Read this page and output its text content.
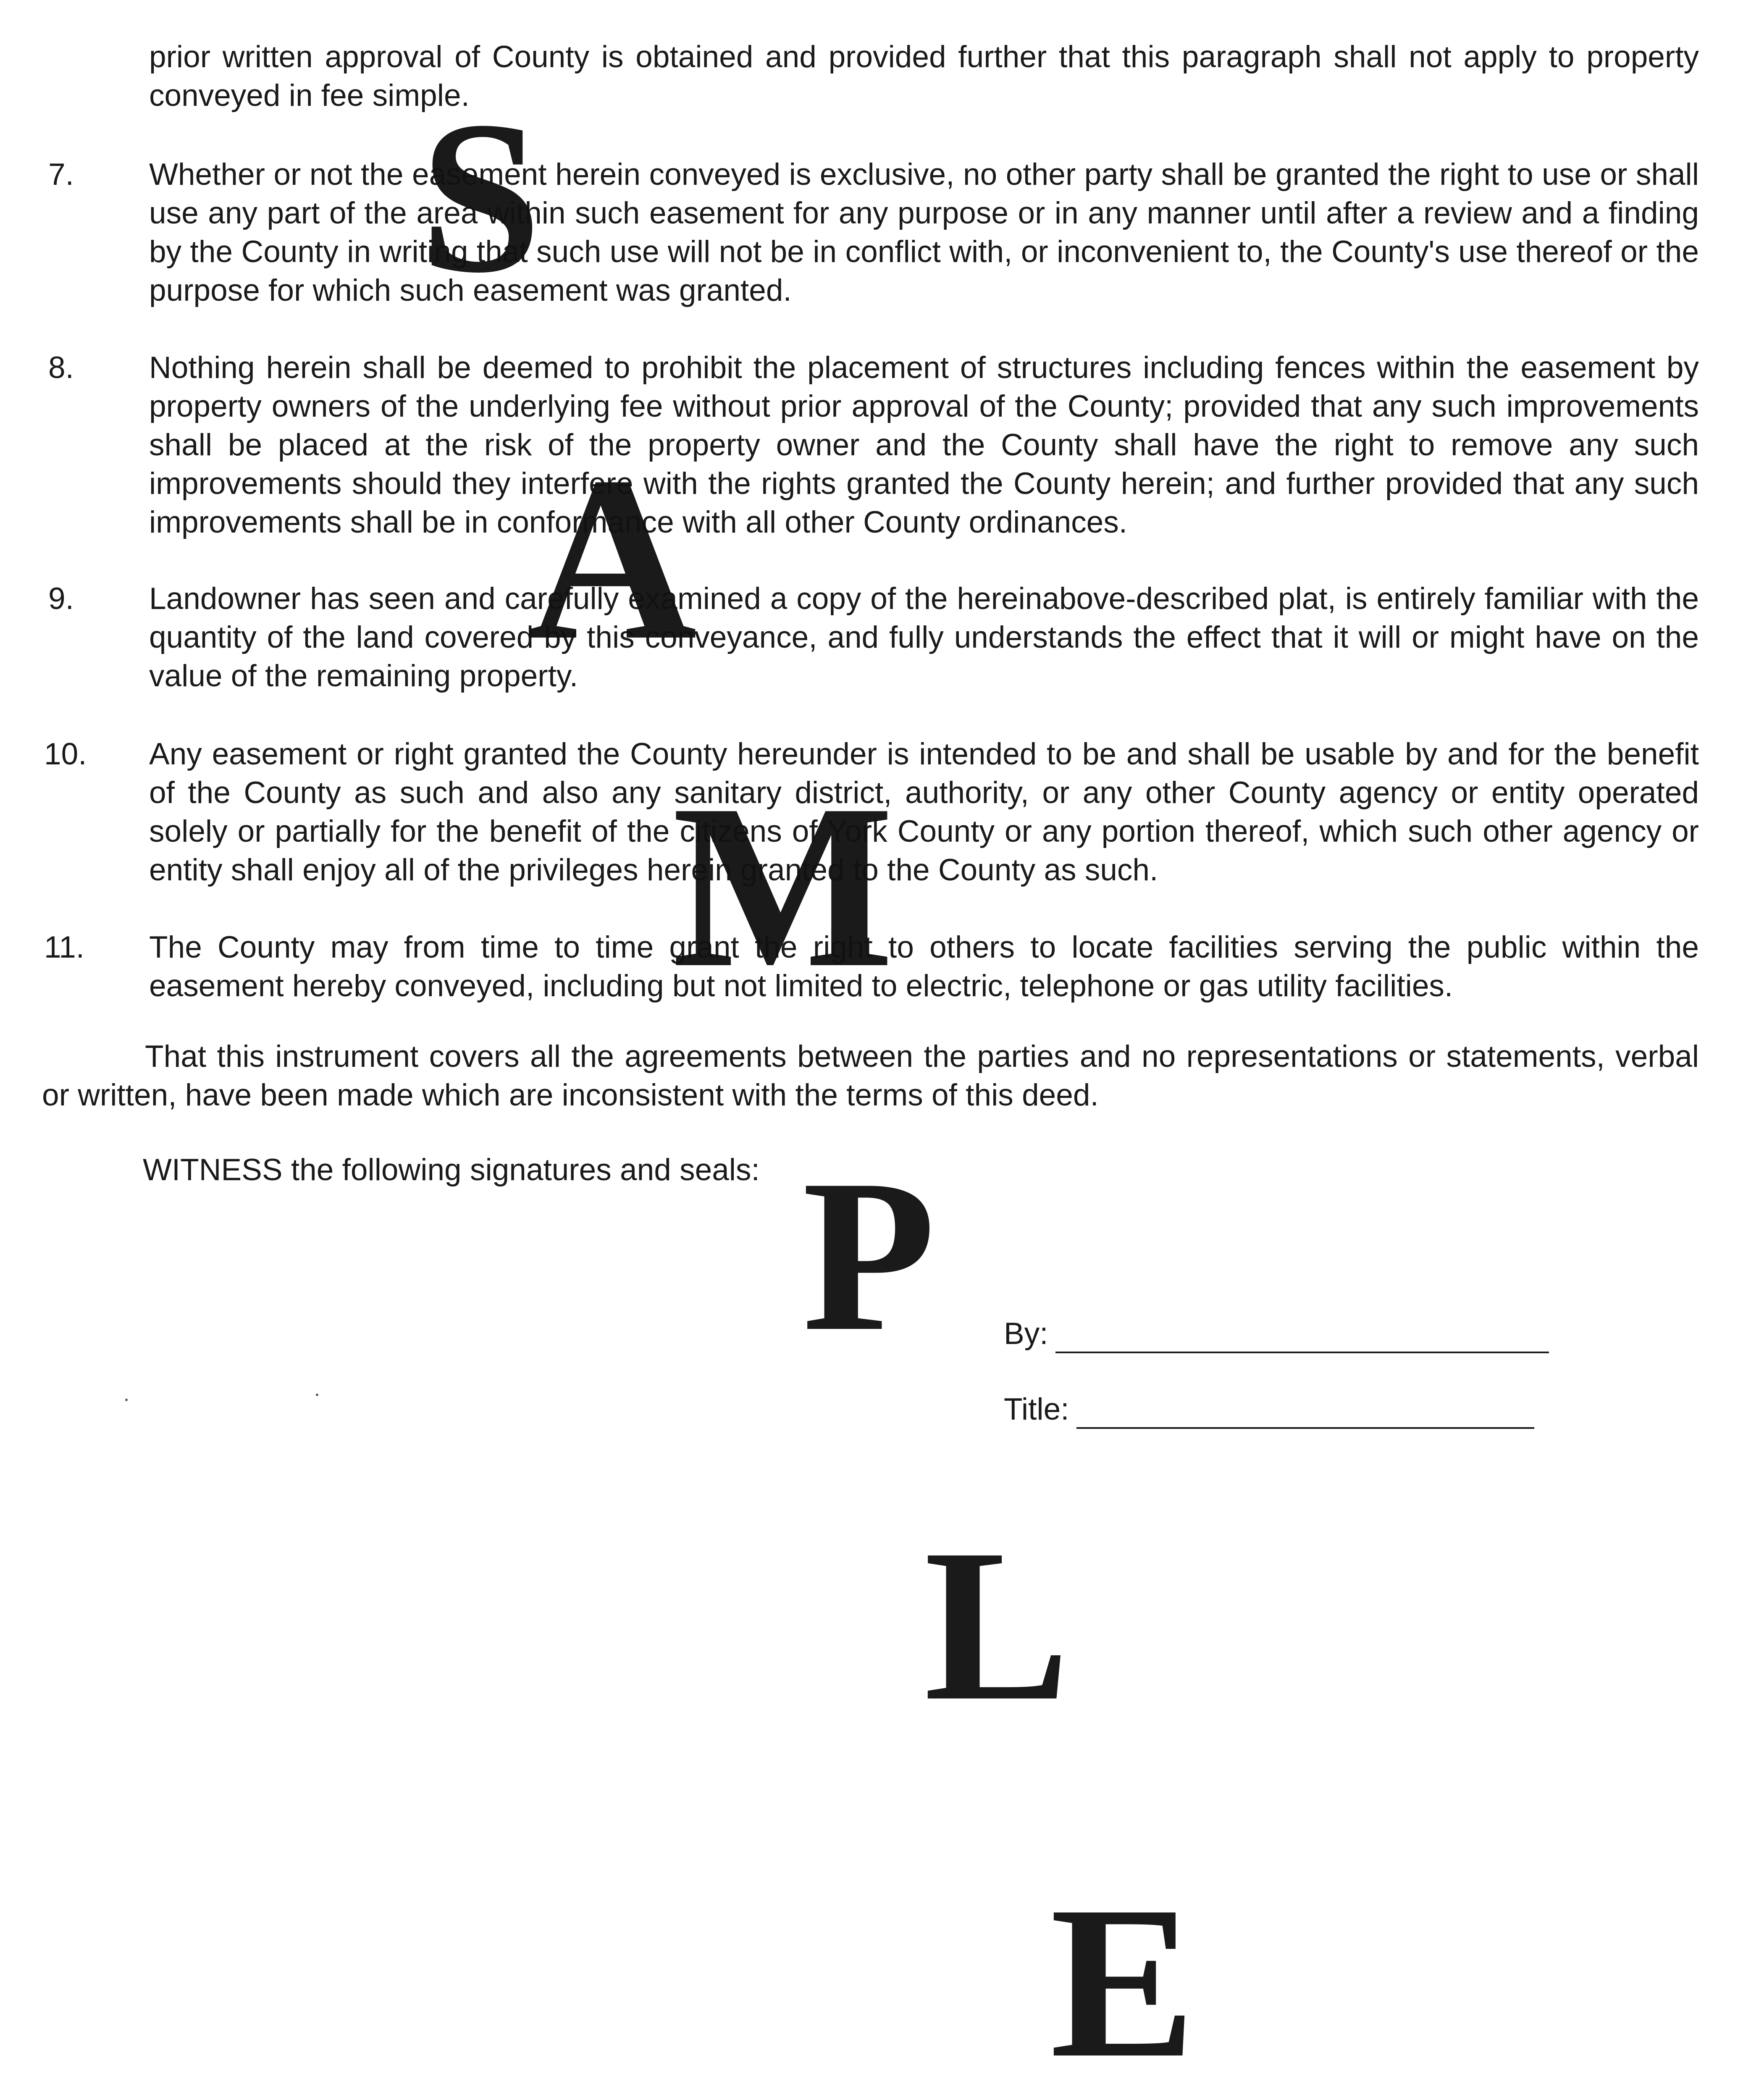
prior written approval of County is obtained and provided further that this paragraph shall not apply to property conveyed in fee simple.

7. Whether or not the easement herein conveyed is exclusive, no other party shall be granted the right to use or shall use any part of the area within such easement for any purpose or in any manner until after a review and a finding by the County in writing that such use will not be in conflict with, or inconvenient to, the County's use thereof or the purpose for which such easement was granted.

8. Nothing herein shall be deemed to prohibit the placement of structures including fences within the easement by property owners of the underlying fee without prior approval of the County; provided that any such improvements shall be placed at the risk of the property owner and the County shall have the right to remove any such improvements should they interfere with the rights granted the County herein; and further provided that any such improvements shall be in conformance with all other County ordinances.

9. Landowner has seen and carefully examined a copy of the hereinabove-described plat, is entirely familiar with the quantity of the land covered by this conveyance, and fully understands the effect that it will or might have on the value of the remaining property.

10. Any easement or right granted the County hereunder is intended to be and shall be usable by and for the benefit of the County as such and also any sanitary district, authority, or any other County agency or entity operated solely or partially for the benefit of the citizens of York County or any portion thereof, which such other agency or entity shall enjoy all of the privileges herein granted to the County as such.

11. The County may from time to time grant the right to others to locate facilities serving the public within the easement hereby conveyed, including but not limited to electric, telephone or gas utility facilities.

That this instrument covers all the agreements between the parties and no representations or statements, verbal or written, have been made which are inconsistent with the terms of this deed.

WITNESS the following signatures and seals:

By:
Title:
S
A
M
P
L
E
